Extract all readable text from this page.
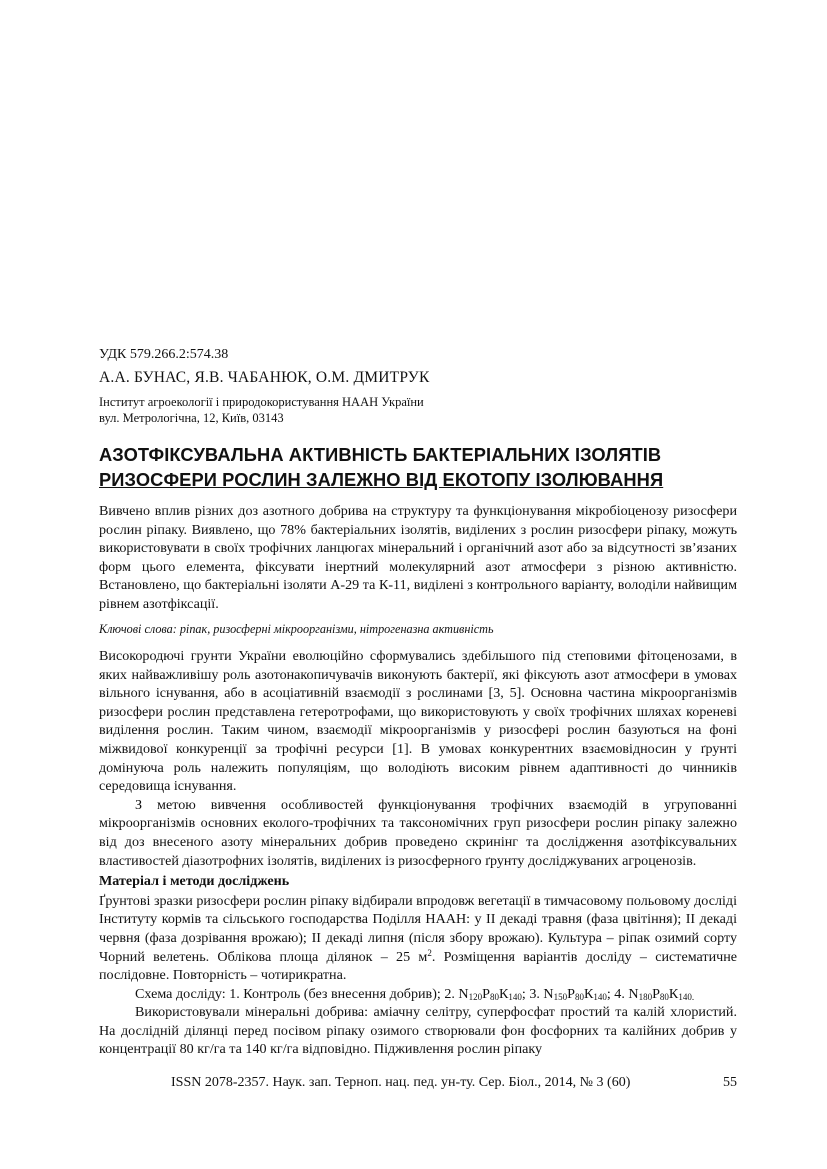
УДК 579.266.2:574.38
А.А. БУНАС, Я.В. ЧАБАНЮК, О.М. ДМИТРУК
Інститут агроекології і природокористування НААН України
вул. Метрологічна, 12, Київ, 03143
АЗОТФІКСУВАЛЬНА АКТИВНІСТЬ БАКТЕРІАЛЬНИХ ІЗОЛЯТІВ
РИЗОСФЕРИ РОСЛИН ЗАЛЕЖНО ВІД ЕКОТОПУ ІЗОЛЮВАННЯ
Вивчено вплив різних доз азотного добрива на структуру та функціонування мікробіоценозу ризосфери рослин ріпаку. Виявлено, що 78% бактеріальних ізолятів, виділених з рослин ризосфери ріпаку, можуть використовувати в своїх трофічних ланцюгах мінеральний і органічний азот або за відсутності зв’язаних форм цього елемента, фіксувати інертний молекулярний азот атмосфери з різною активністю. Встановлено, що бактеріальні ізоляти А-29 та К-11, виділені з контрольного варіанту, володіли найвищим рівнем азотфіксації.
Ключові слова: ріпак, ризосферні мікроорганізми, нітрогеназна активність

Високородючі грунти України еволюційно сформувались здебільшого під степовими фітоценозами, в яких найважливішу роль азотонакопичувачів виконують бактерії, які фіксують азот атмосфери в умовах вільного існування, або в асоціативній взаємодії з рослинами [3, 5]. Основна частина мікроорганізмів ризосфери рослин представлена гетеротрофами, що використовують у своїх трофічних шляхах кореневі виділення рослин. Таким чином, взаємодії мікроорганізмів у ризосфері рослин базуються на фоні міжвидової конкуренції за трофічні ресурси [1]. В умовах конкурентних взаємовідносин у ґрунті домінуюча роль належить популяціям, що володіють високим рівнем адаптивності до чинників середовища існування.

З метою вивчення особливостей функціонування трофічних взаємодій в угрупованні мікроорганізмів основних еколого-трофічних та таксономічних груп ризосфери рослин ріпаку залежно від доз внесеного азоту мінеральних добрив проведено скринінг та дослідження азотфіксувальних властивостей діазотрофних ізолятів, виділених із ризосферного ґрунту досліджуваних агроценозів.

Матеріал і методи досліджень

Ґрунтові зразки ризосфери рослин ріпаку відбирали впродовж вегетації в тимчасовому польовому досліді Інституту кормів та сільського господарства Поділля НААН: у ІІ декаді травня (фаза цвітіння); ІІ декаді червня (фаза дозрівання врожаю); ІІ декаді липня (після збору врожаю). Культура – ріпак озимий сорту Чорний велетень. Облікова площа ділянок – 25 $м^2$. Розміщення варіантів досліду – систематичне послідовне. Повторність – чотирикратна.

Схема досліду: 1. Контроль (без внесення добрив); 2. $N_{120}Р_{80}К_{140}$; 3. $N_{150}Р_{80}К_{140}$; 4. $N_{180}Р_{80}К_{140.}$

Використовували мінеральні добрива: аміачну селітру, суперфосфат простий та калій хлористий. На дослідній ділянці перед посівом ріпаку озимого створювали фон фосфорних та калійних добрив у концентрації 80 кг/га та 140 кг/га відповідно. Підживлення рослин ріпаку

ISSN 2078-2357. Наук. зап. Терноп. нац. пед. ун-ту. Сер. Біол., 2014, № 3 (60)	55
